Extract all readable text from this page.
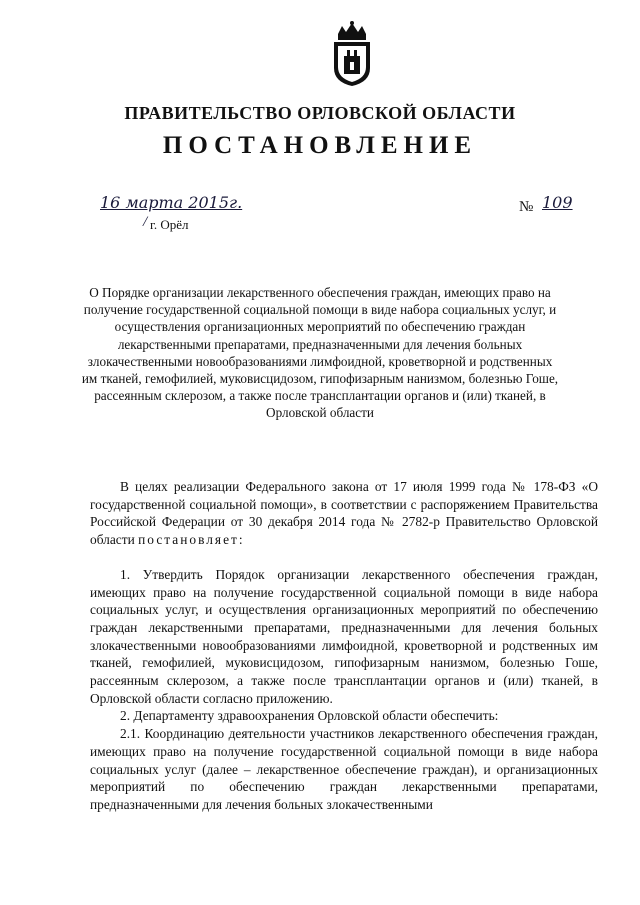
ПРАВИТЕЛЬСТВО ОРЛОВСКОЙ ОБЛАСТИ
ПОСТАНОВЛЕНИЕ
16 марта 2015г.
/ г. Орёл
№ 109
О Порядке организации лекарственного обеспечения граждан, имеющих право на получение государственной социальной помощи в виде набора социальных услуг, и осуществления организационных мероприятий по обеспечению граждан лекарственными препаратами, предназначенными для лечения больных злокачественными новообразованиями лимфоидной, кроветворной и родственных им тканей, гемофилией, муковисцидозом, гипофизарным нанизмом, болезнью Гоше, рассеянным склерозом, а также после трансплантации органов и (или) тканей, в Орловской области

В целях реализации Федерального закона от 17 июля 1999 года № 178-ФЗ «О государственной социальной помощи», в соответствии с распоряжением Правительства Российской Федерации от 30 декабря 2014 года № 2782-р Правительство Орловской области постановляет:

1. Утвердить Порядок организации лекарственного обеспечения граждан, имеющих право на получение государственной социальной помощи в виде набора социальных услуг, и осуществления организационных мероприятий по обеспечению граждан лекарственными препаратами, предназначенными для лечения больных злокачественными новообразованиями лимфоидной, кроветворной и родственных им тканей, гемофилией, муковисцидозом, гипофизарным нанизмом, болезнью Гоше, рассеянным склерозом, а также после трансплантации органов и (или) тканей, в Орловской области согласно приложению.

2. Департаменту здравоохранения Орловской области обеспечить:

2.1. Координацию деятельности участников лекарственного обеспечения граждан, имеющих право на получение государственной социальной помощи в виде набора социальных услуг (далее – лекарственное обеспечение граждан), и организационных мероприятий по обеспечению граждан лекарственными препаратами, предназначенными для лечения больных злокачественными
